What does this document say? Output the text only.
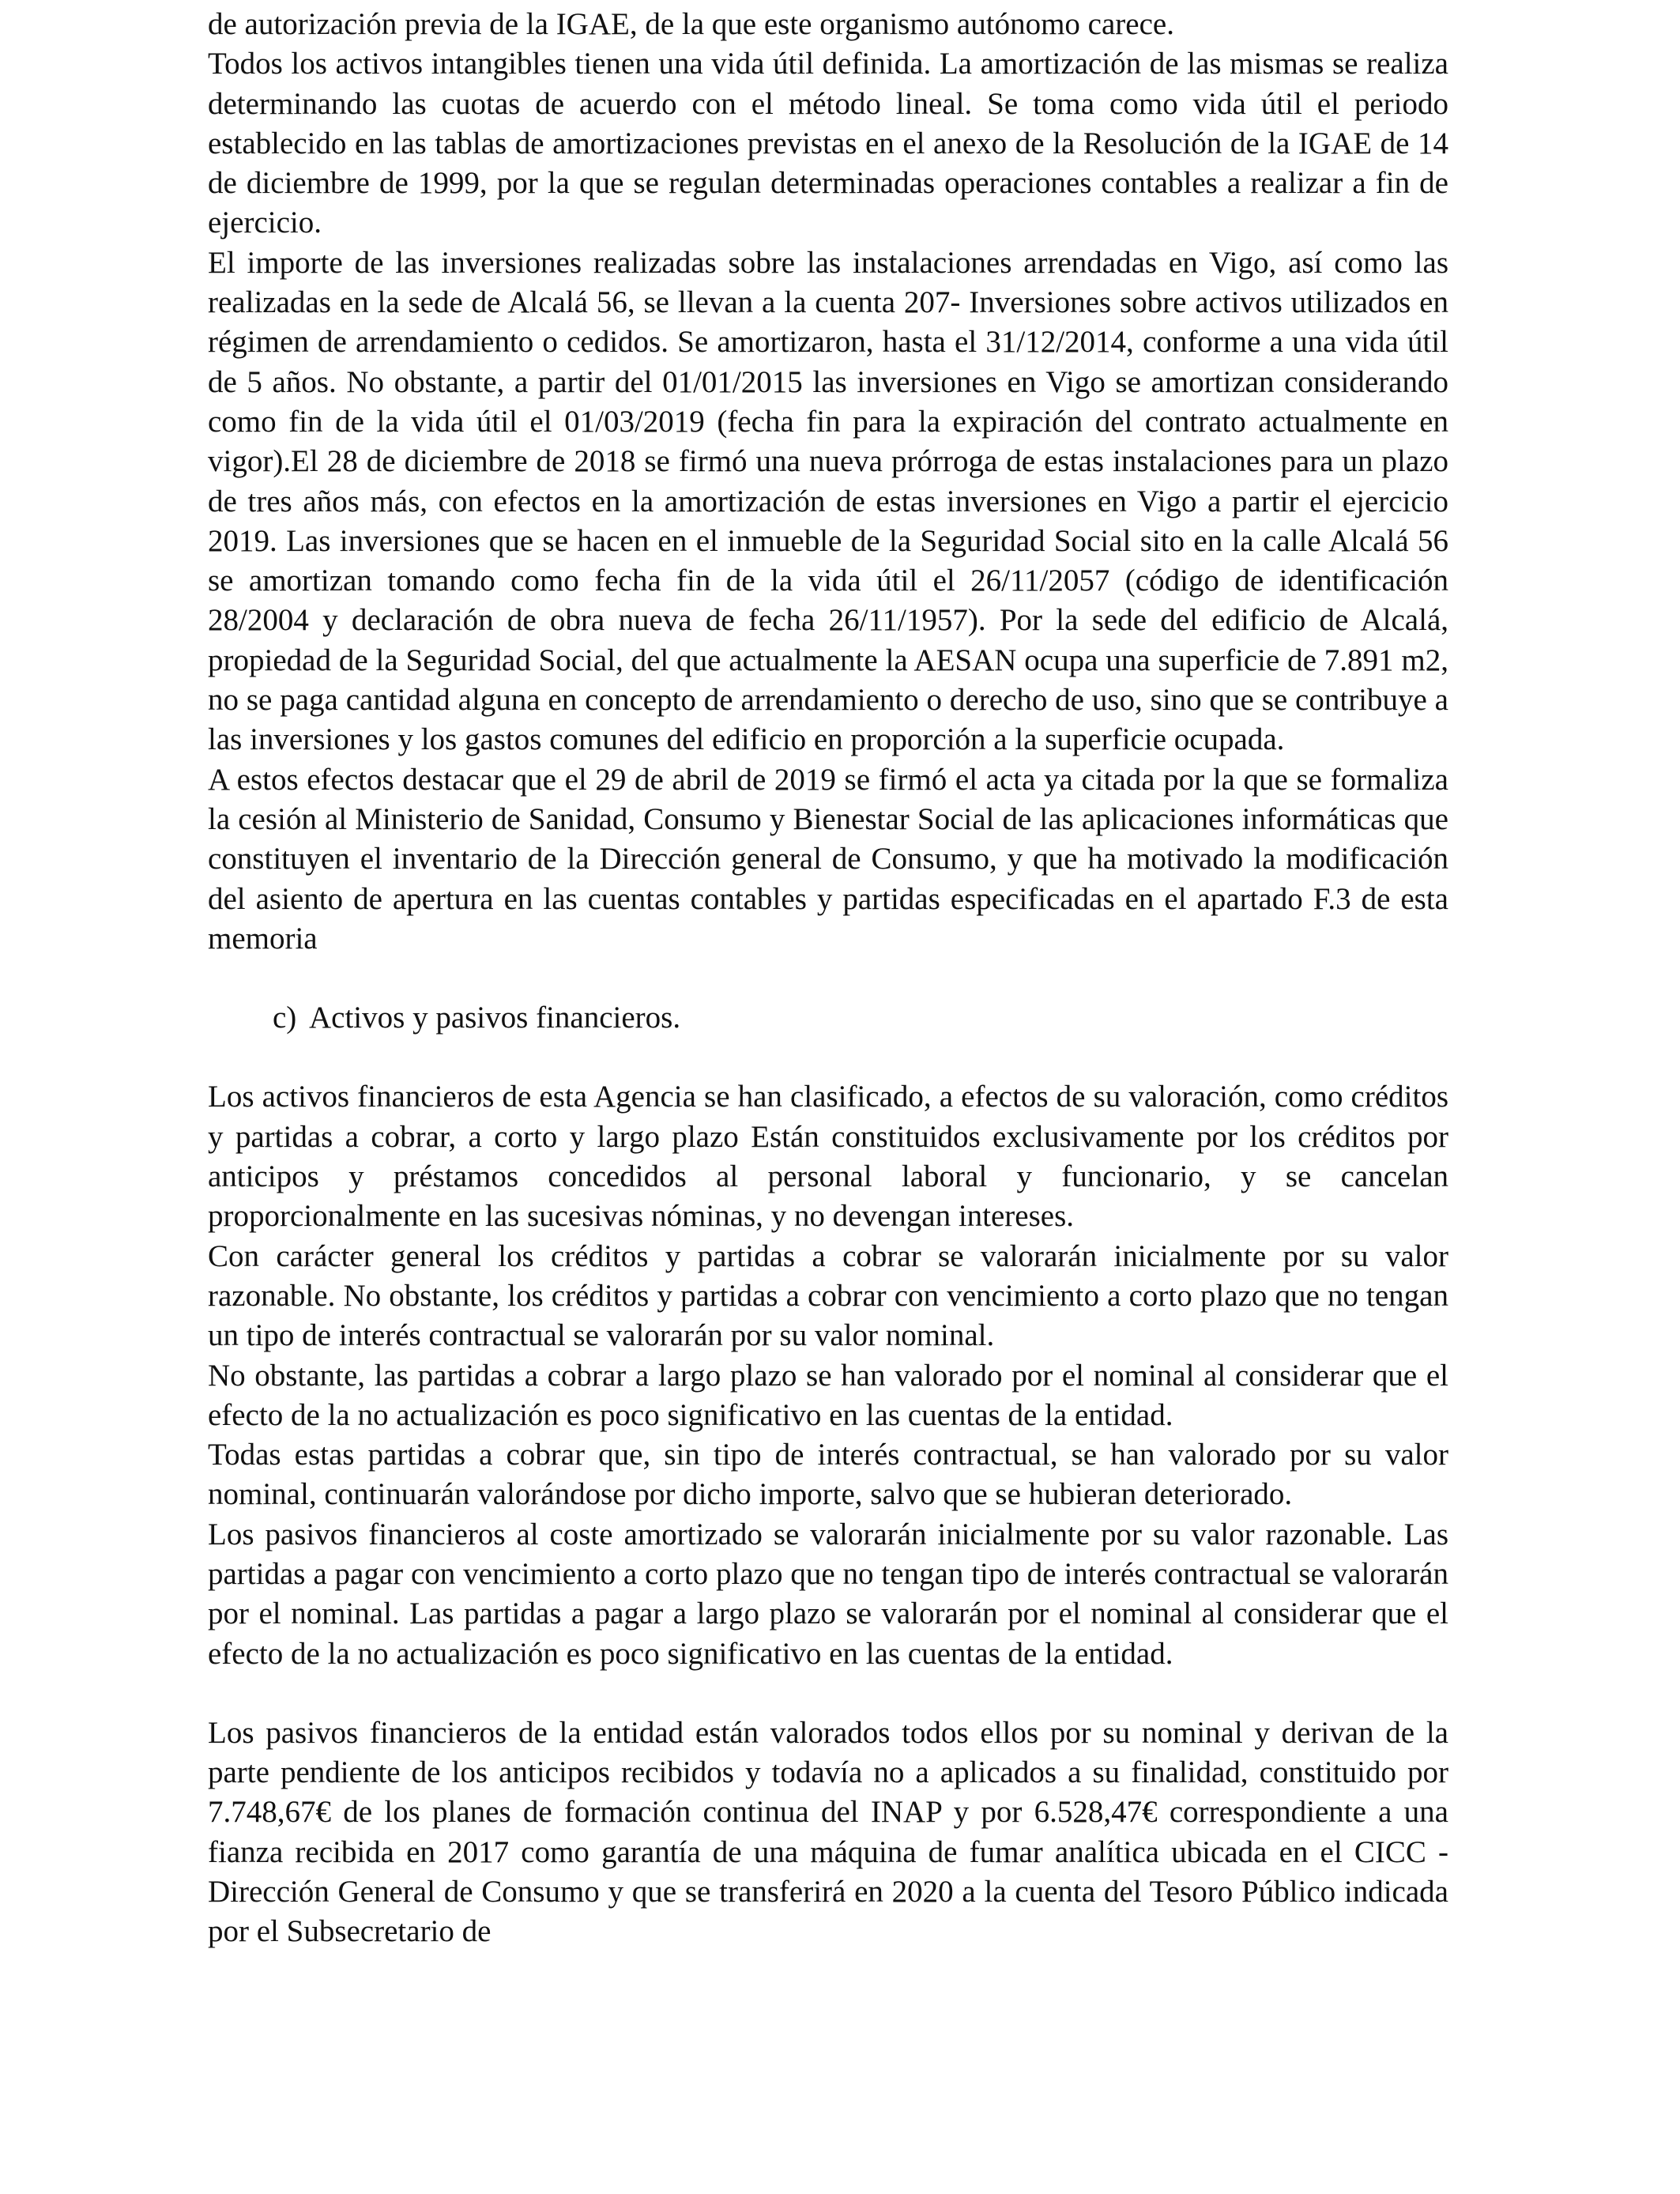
de autorización previa de la IGAE, de la que este organismo autónomo carece.

Todos los activos intangibles tienen una vida útil definida. La amortización de las mismas se realiza determinando las cuotas de acuerdo con el método lineal. Se toma como vida útil el periodo establecido en las tablas de amortizaciones previstas en el anexo de la Resolución de la IGAE de 14 de diciembre de 1999, por la que se regulan determinadas operaciones contables a realizar a fin de ejercicio.

El importe de las inversiones realizadas sobre las instalaciones arrendadas en Vigo, así como las realizadas en la sede de Alcalá 56, se llevan a la cuenta 207- Inversiones sobre activos utilizados en régimen de arrendamiento o cedidos. Se amortizaron, hasta el 31/12/2014, conforme a una vida útil de 5 años. No obstante, a partir del 01/01/2015 las inversiones en Vigo se amortizan considerando como fin de la vida útil el 01/03/2019 (fecha fin para la expiración del contrato actualmente en vigor).El 28 de diciembre de 2018 se firmó una nueva prórroga de estas instalaciones para un plazo de tres años más, con efectos en la amortización de estas inversiones en Vigo a partir el ejercicio 2019. Las inversiones que se hacen en el inmueble de la Seguridad Social sito en la calle Alcalá 56 se amortizan tomando como fecha fin de la vida útil el 26/11/2057 (código de identificación 28/2004 y declaración de obra nueva de fecha 26/11/1957). Por la sede del edificio de Alcalá, propiedad de la Seguridad Social, del que actualmente la AESAN ocupa una superficie de 7.891 m2, no se paga cantidad alguna en concepto de arrendamiento o derecho de uso, sino que se contribuye a las inversiones y los gastos comunes del edificio en proporción a la superficie ocupada.

A estos efectos destacar que el 29 de abril de 2019 se firmó el acta ya citada por la que se formaliza la cesión al Ministerio de Sanidad, Consumo y Bienestar Social de las aplicaciones informáticas que constituyen el inventario de la Dirección general de Consumo, y que ha motivado la modificación del asiento de apertura en las cuentas contables y partidas especificadas en el apartado F.3 de esta memoria

c) Activos y pasivos financieros.

Los activos financieros de esta Agencia se han clasificado, a efectos de su valoración, como créditos y partidas a cobrar, a corto y largo plazo Están constituidos exclusivamente por los créditos por anticipos y préstamos concedidos al personal laboral y funcionario, y se cancelan proporcionalmente en las sucesivas nóminas, y no devengan intereses.

Con carácter general los créditos y partidas a cobrar se valorarán inicialmente por su valor razonable. No obstante, los créditos y partidas a cobrar con vencimiento a corto plazo que no tengan un tipo de interés contractual se valorarán por su valor nominal.

No obstante, las partidas a cobrar a largo plazo se han valorado por el nominal al considerar que el efecto de la no actualización es poco significativo en las cuentas de la entidad.

Todas estas partidas a cobrar que, sin tipo de interés contractual, se han valorado por su valor nominal, continuarán valorándose por dicho importe, salvo que se hubieran deteriorado.

Los pasivos financieros al coste amortizado se valorarán inicialmente por su valor razonable. Las partidas a pagar con vencimiento a corto plazo que no tengan tipo de interés contractual se valorarán por el nominal. Las partidas a pagar a largo plazo se valorarán por el nominal al considerar que el efecto de la no actualización es poco significativo en las cuentas de la entidad.

Los pasivos financieros de la entidad están valorados todos ellos por su nominal y derivan de la parte pendiente de los anticipos recibidos y todavía no a aplicados a su finalidad, constituido por 7.748,67€ de los planes de formación continua del INAP y por 6.528,47€ correspondiente a una fianza recibida en 2017 como garantía de una máquina de fumar analítica ubicada en el CICC -Dirección General de Consumo y que se transferirá en 2020 a la cuenta del Tesoro Público indicada por el Subsecretario de
